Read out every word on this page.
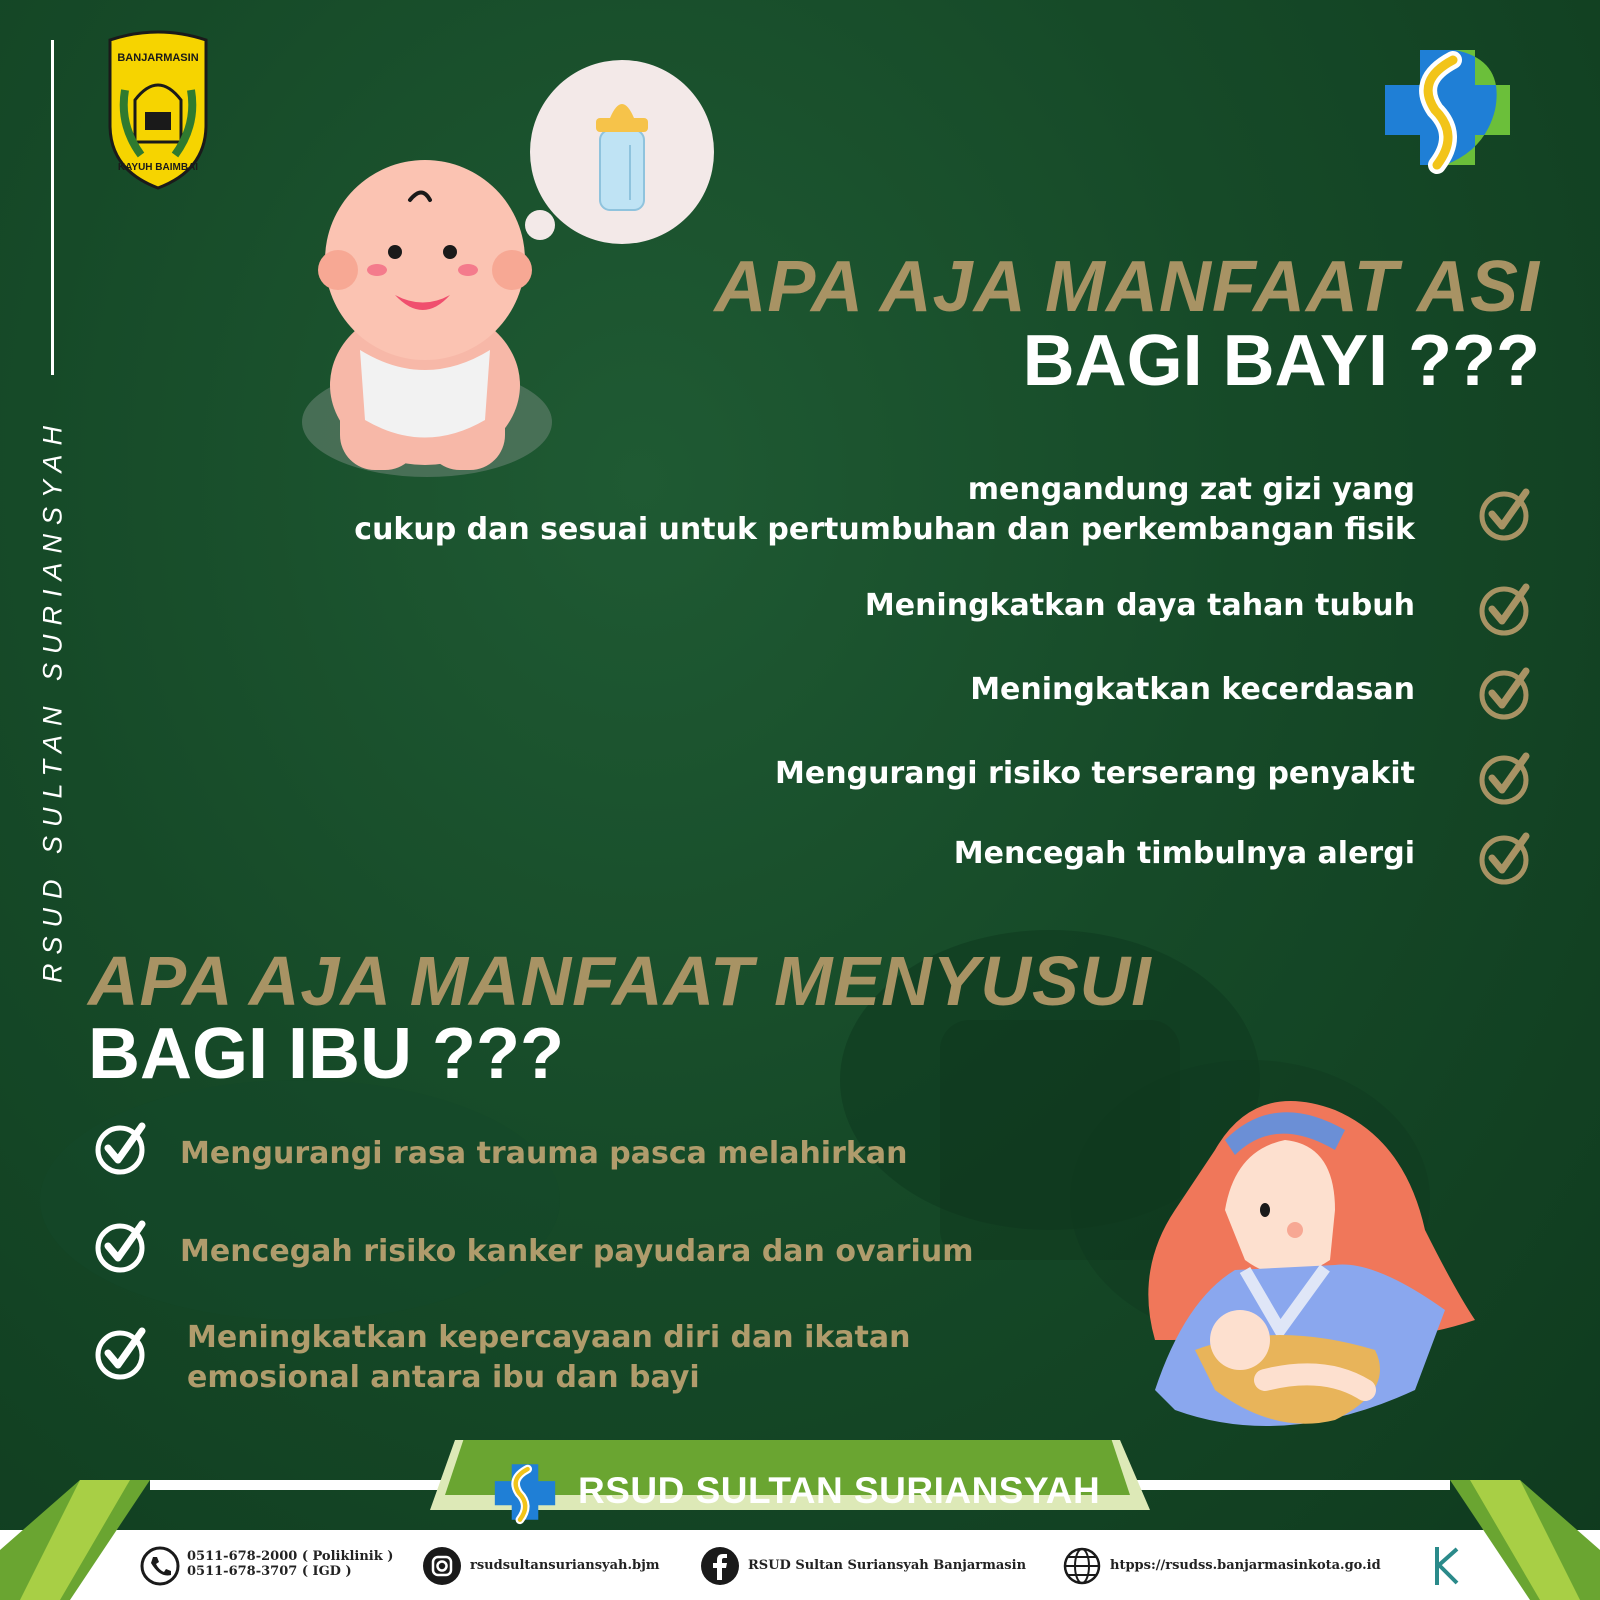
RSUD SULTAN SURIANSYAH
BANJARMASIN
KAYUH BAIMBAI
APA AJA MANFAAT ASI
BAGI BAYI ???
mengandung zat gizi yang
cukup dan sesuai untuk pertumbuhan dan perkembangan fisik
Meningkatkan daya tahan tubuh
Meningkatkan kecerdasan
Mengurangi risiko terserang penyakit
Mencegah timbulnya alergi
APA AJA MANFAAT MENYUSUI
BAGI IBU ???
Mengurangi rasa trauma pasca melahirkan
Mencegah risiko kanker payudara dan ovarium
Meningkatkan kepercayaan diri dan ikatan
emosional antara ibu dan bayi
RSUD SULTAN SURIANSYAH
0511-678-2000 ( Poliklinik )
0511-678-3707 ( IGD )	rsudsultansuriansyah.bjm	RSUD Sultan Suriansyah Banjarmasin	htpps://rsudss.banjarmasinkota.go.id
